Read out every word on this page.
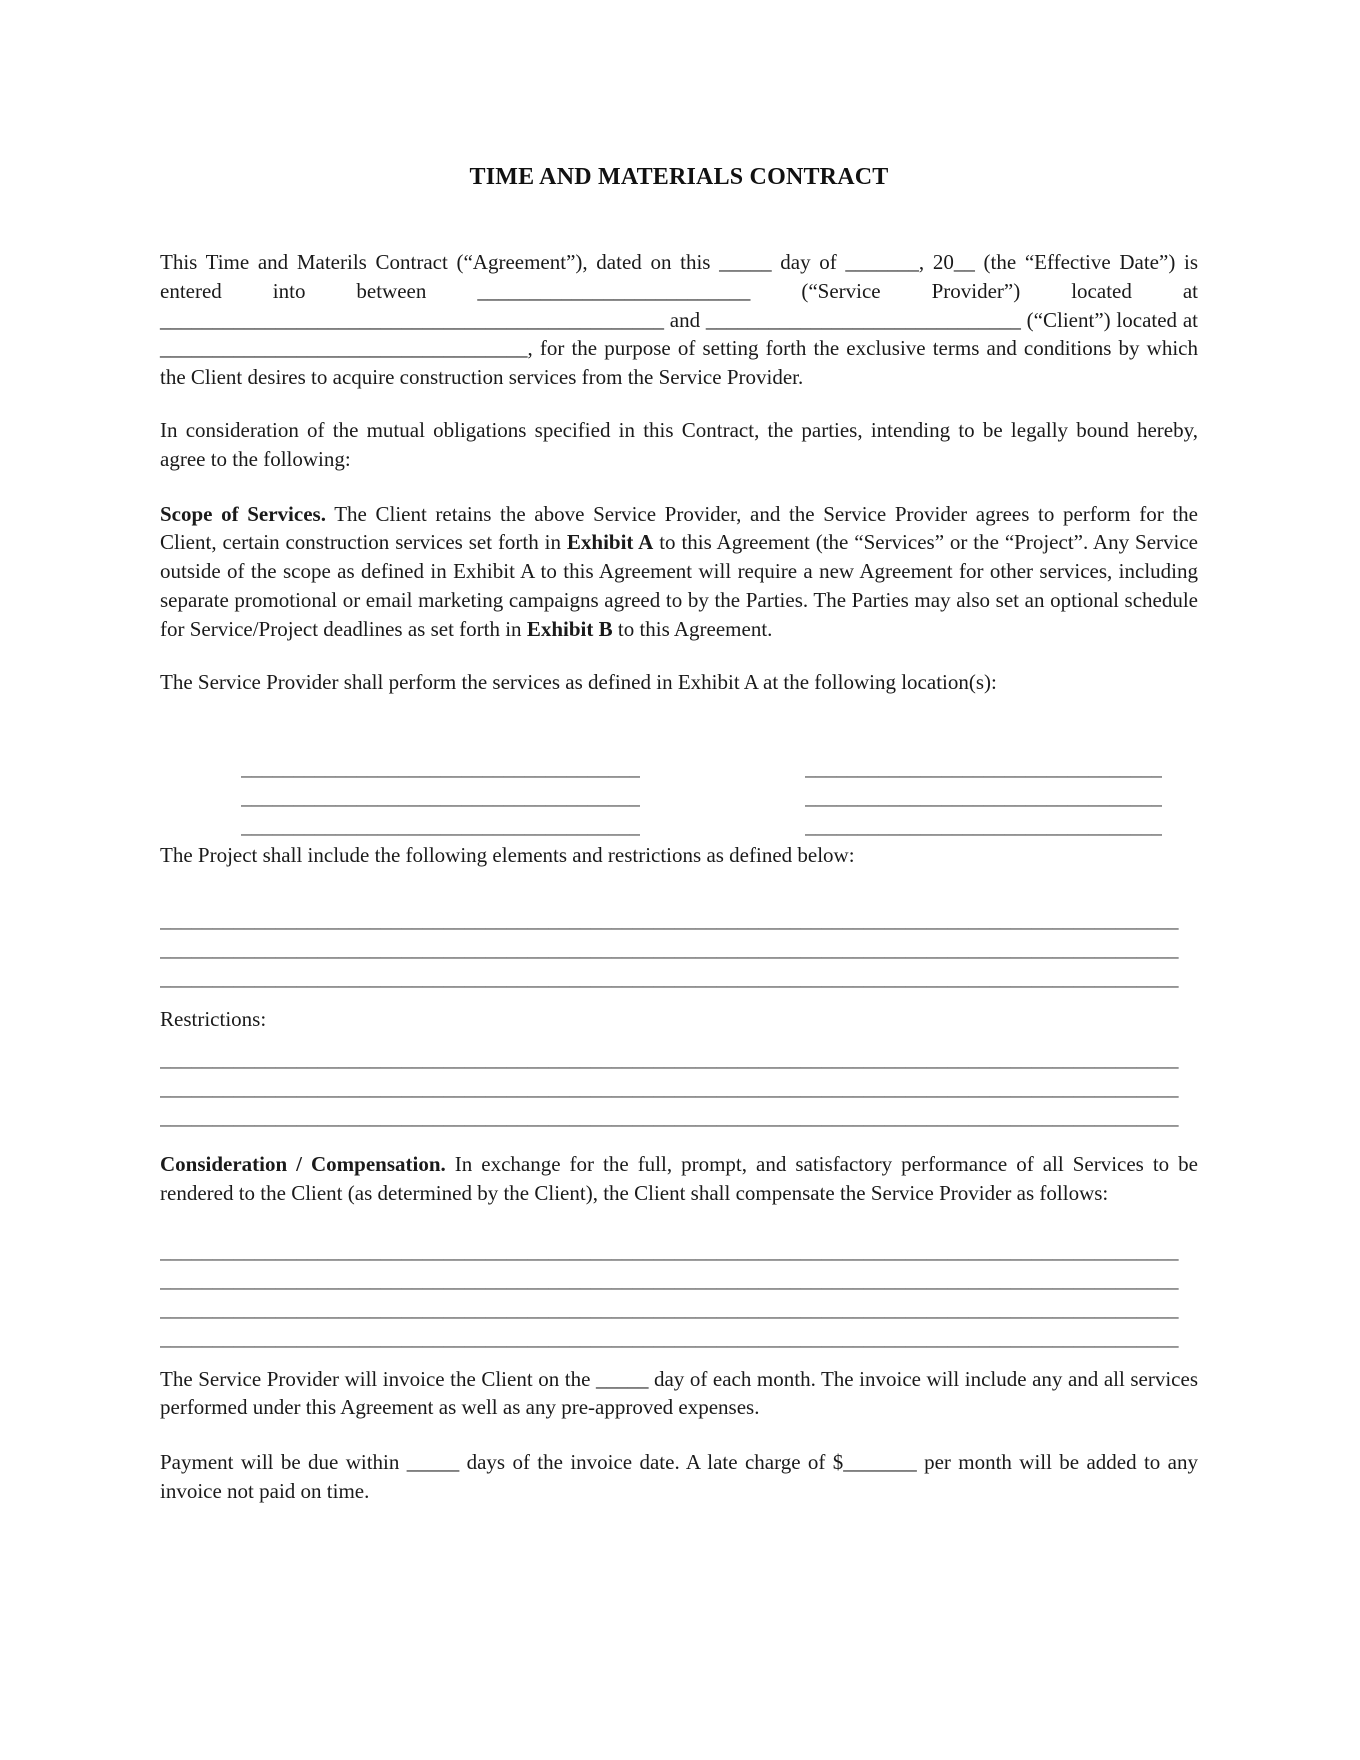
TIME AND MATERIALS CONTRACT

This Time and Materils Contract (“Agreement”), dated on this _____ day of _______, 20__ (the “Effective Date”) is entered into between __________________________ (“Service Provider”) located at ________________________________________________ and ______________________________ (“Client”) located at ___________________________________, for the purpose of setting forth the exclusive terms and conditions by which the Client desires to acquire construction services from the Service Provider.

In consideration of the mutual obligations specified in this Contract, the parties, intending to be legally bound hereby, agree to the following:

Scope of Services. The Client retains the above Service Provider, and the Service Provider agrees to perform for the Client, certain construction services set forth in Exhibit A to this Agreement (the “Services” or the “Project”. Any Service outside of the scope as defined in Exhibit A to this Agreement will require a new Agreement for other services, including separate promotional or email marketing campaigns agreed to by the Parties. The Parties may also set an optional schedule for Service/Project deadlines as set forth in Exhibit B to this Agreement.

The Service Provider shall perform the services as defined in Exhibit A at the following location(s):

______________________________________	__________________________________
______________________________________	__________________________________
______________________________________	__________________________________

The Project shall include the following elements and restrictions as defined below:

_________________________________________________________________________________________________
_________________________________________________________________________________________________
_________________________________________________________________________________________________

Restrictions:

_________________________________________________________________________________________________
_________________________________________________________________________________________________
_________________________________________________________________________________________________

Consideration / Compensation. In exchange for the full, prompt, and satisfactory performance of all Services to be rendered to the Client (as determined by the Client), the Client shall compensate the Service Provider as follows:

_________________________________________________________________________________________________
_________________________________________________________________________________________________
_________________________________________________________________________________________________
_________________________________________________________________________________________________

The Service Provider will invoice the Client on the _____ day of each month. The invoice will include any and all services performed under this Agreement as well as any pre-approved expenses.

Payment will be due within _____ days of the invoice date. A late charge of $_______ per month will be added to any invoice not paid on time.
